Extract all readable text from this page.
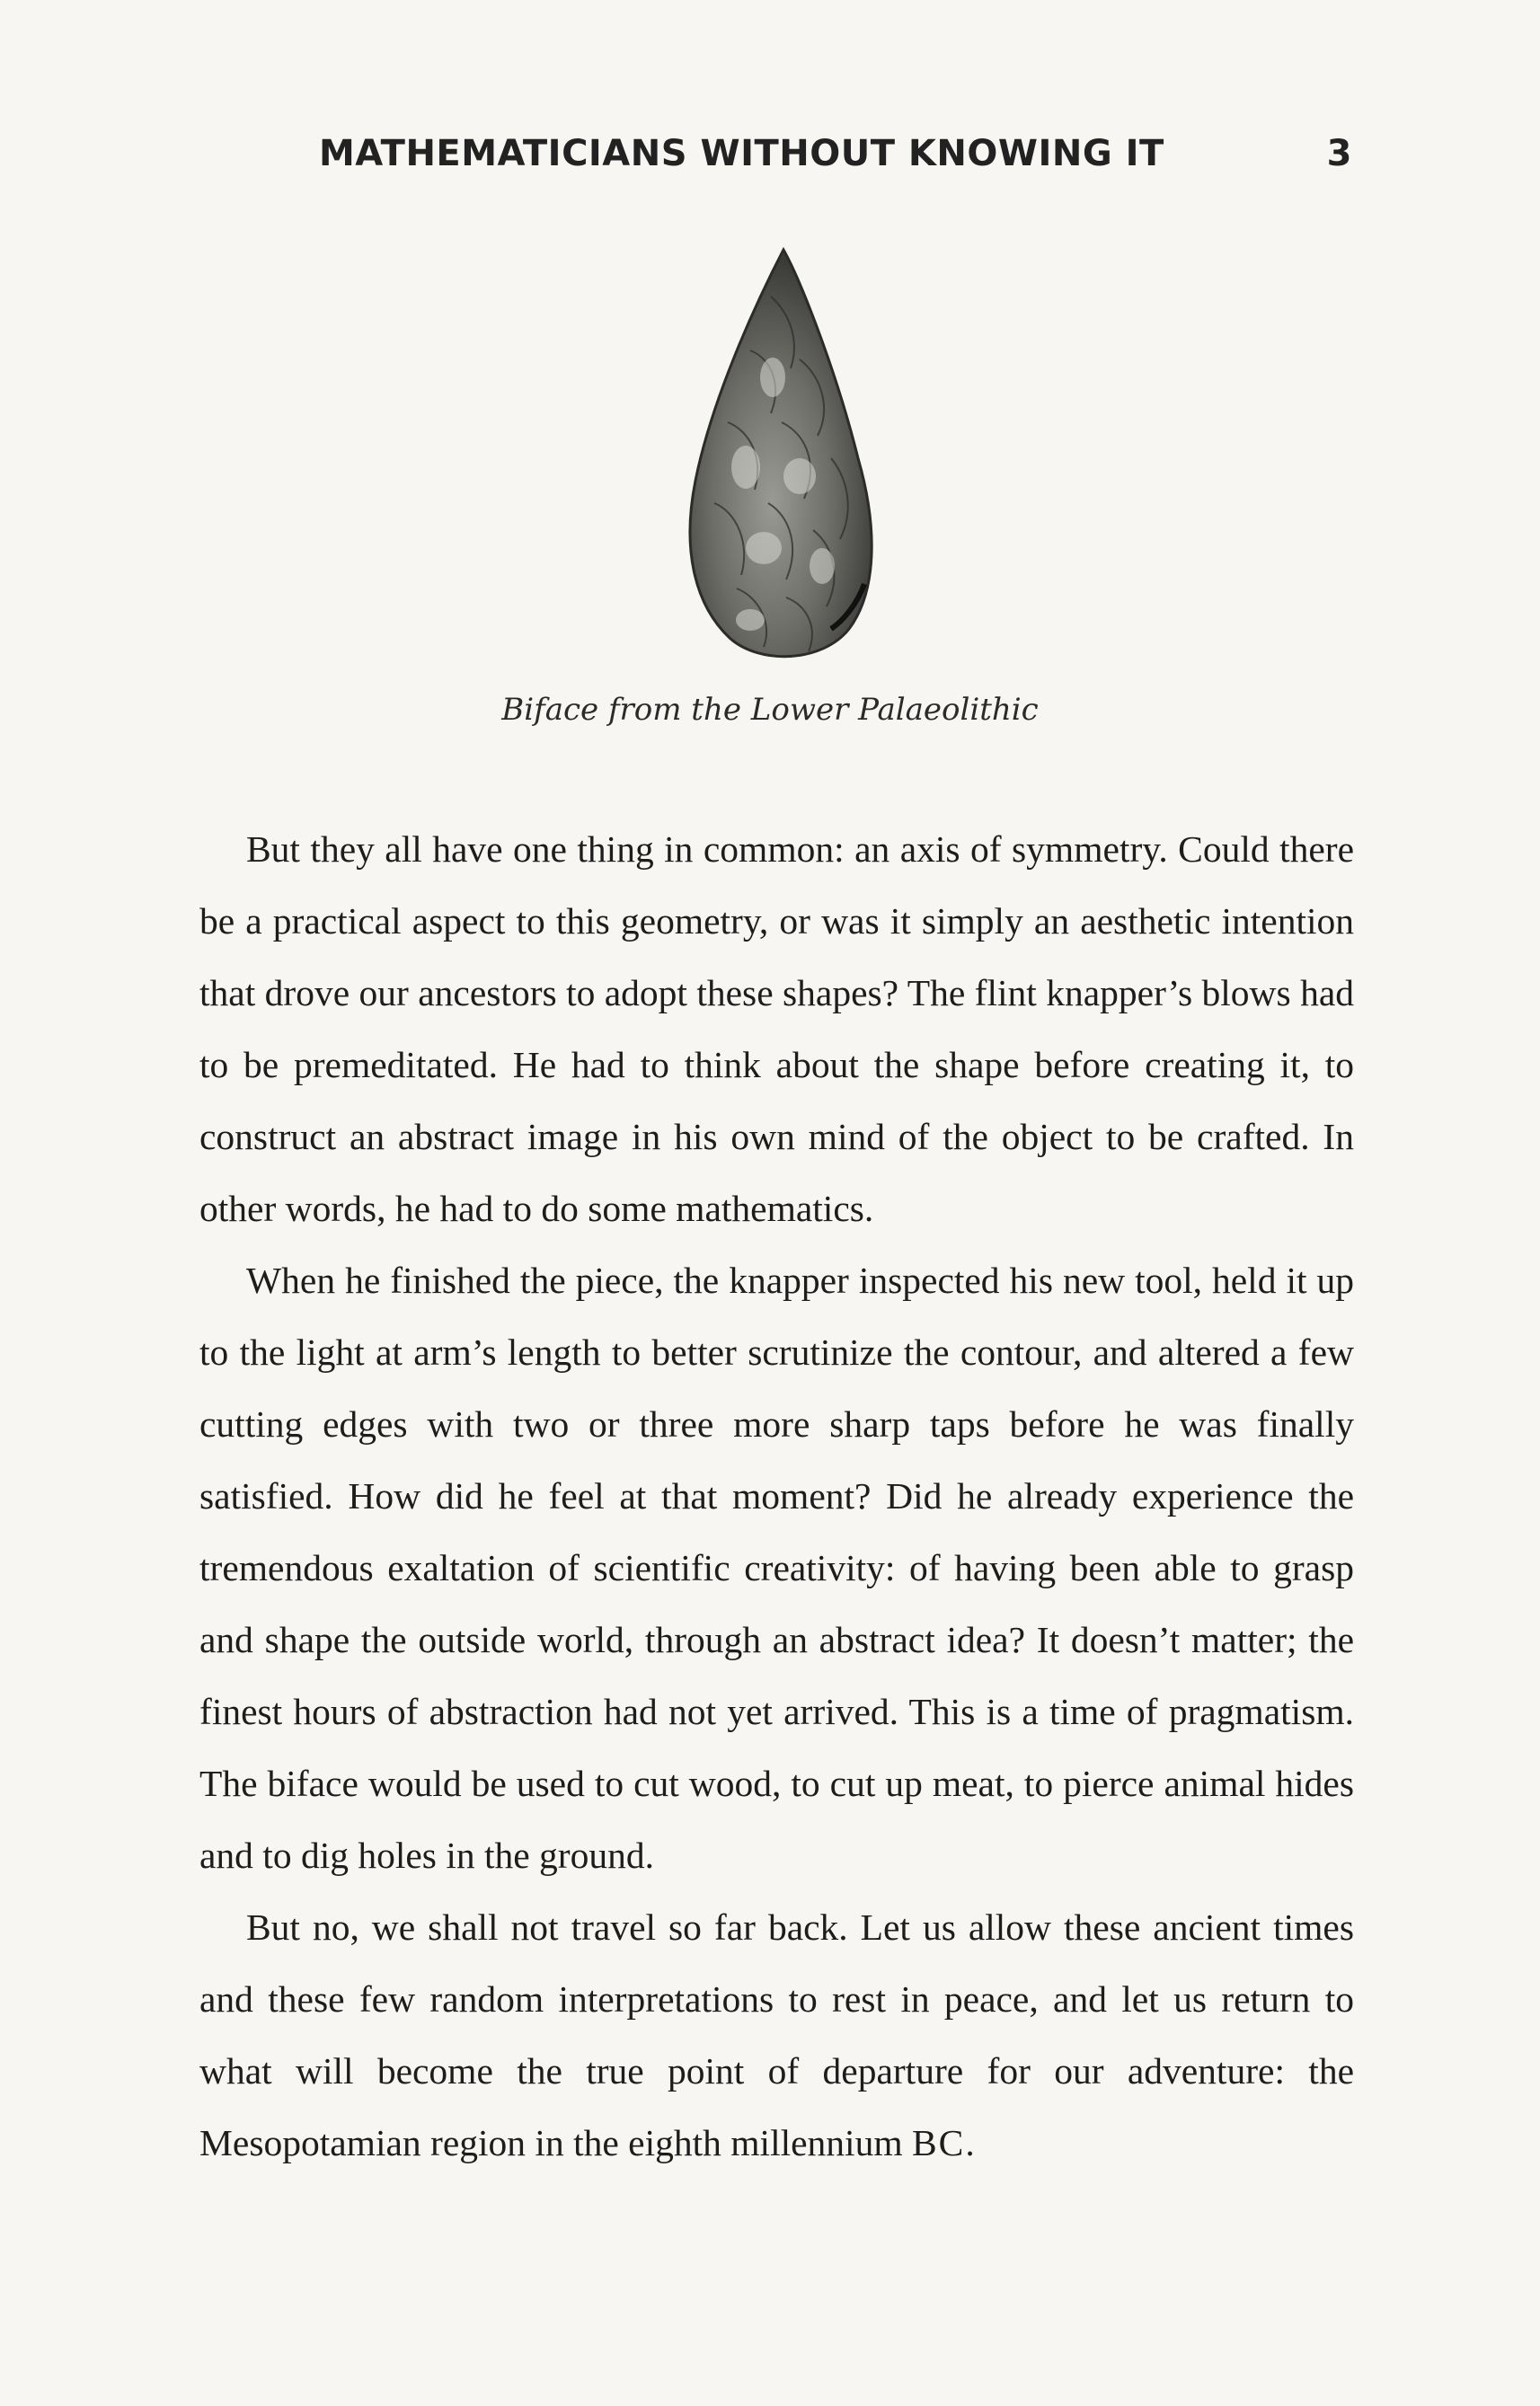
MATHEMATICIANS WITHOUT KNOWING IT	3
Biface from the Lower Palaeolithic

But they all have one thing in common: an axis of symmetry. Could there be a practical aspect to this geometry, or was it simply an aesthetic intention that drove our ancestors to adopt these shapes? The flint knapper’s blows had to be premeditated. He had to think about the shape before creating it, to construct an abstract image in his own mind of the object to be crafted. In other words, he had to do some mathematics.

When he finished the piece, the knapper inspected his new tool, held it up to the light at arm’s length to better scrutinize the contour, and altered a few cutting edges with two or three more sharp taps before he was finally satisfied. How did he feel at that moment? Did he already experience the tremendous exaltation of scientific creativity: of having been able to grasp and shape the outside world, through an abstract idea? It doesn’t matter; the finest hours of abstraction had not yet arrived. This is a time of pragmatism. The biface would be used to cut wood, to cut up meat, to pierce animal hides and to dig holes in the ground.

But no, we shall not travel so far back. Let us allow these ancient times and these few random interpretations to rest in peace, and let us return to what will become the true point of departure for our adventure: the Mesopotamian region in the eighth millennium BC.
